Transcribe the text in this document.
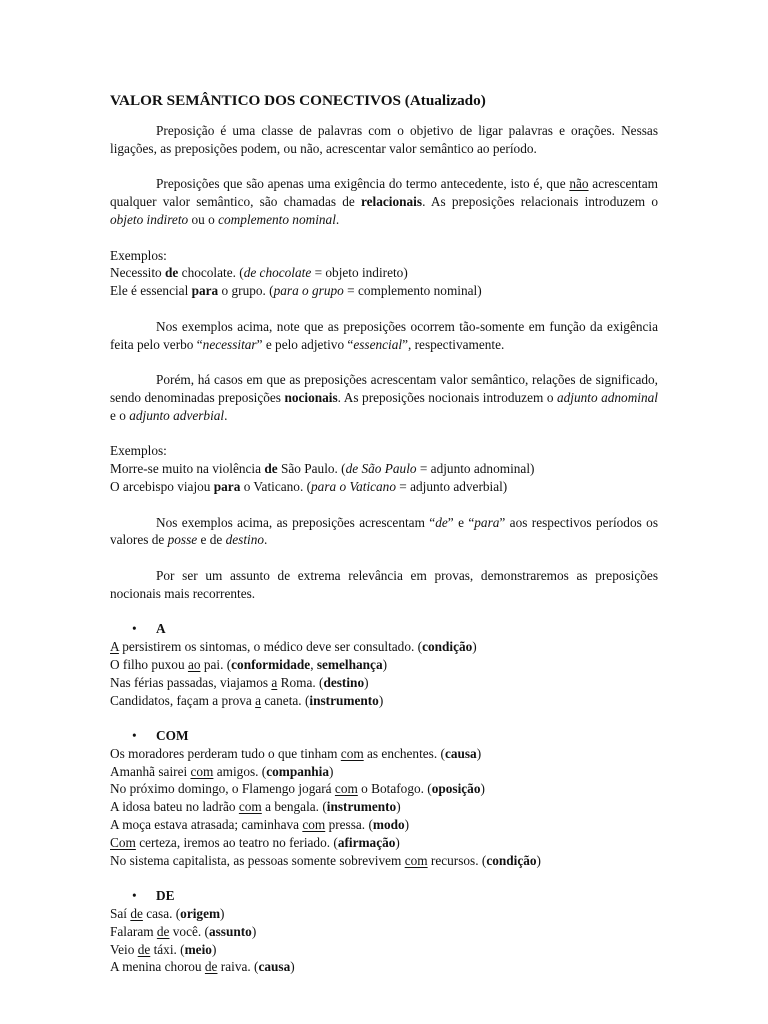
VALOR SEMÂNTICO DOS CONECTIVOS (Atualizado)
Preposição é uma classe de palavras com o objetivo de ligar palavras e orações. Nessas ligações, as preposições podem, ou não, acrescentar valor semântico ao período.
Preposições que são apenas uma exigência do termo antecedente, isto é, que não acrescentam qualquer valor semântico, são chamadas de relacionais. As preposições relacionais introduzem o objeto indireto ou o complemento nominal.
Exemplos:
Necessito de chocolate. (de chocolate = objeto indireto)
Ele é essencial para o grupo. (para o grupo = complemento nominal)
Nos exemplos acima, note que as preposições ocorrem tão-somente em função da exigência feita pelo verbo “necessitar” e pelo adjetivo “essencial”, respectivamente.
Porém, há casos em que as preposições acrescentam valor semântico, relações de significado, sendo denominadas preposições nocionais. As preposições nocionais introduzem o adjunto adnominal e o adjunto adverbial.
Exemplos:
Morre-se muito na violência de São Paulo. (de São Paulo = adjunto adnominal)
O arcebispo viajou para o Vaticano. (para o Vaticano = adjunto adverbial)
Nos exemplos acima, as preposições acrescentam “de” e “para” aos respectivos períodos os valores de posse e de destino.
Por ser um assunto de extrema relevância em provas, demonstraremos as preposições nocionais mais recorrentes.
• A
A persistirem os sintomas, o médico deve ser consultado. (condição)
O filho puxou ao pai. (conformidade, semelhança)
Nas férias passadas, viajamos a Roma. (destino)
Candidatos, façam a prova a caneta. (instrumento)
• COM
Os moradores perderam tudo o que tinham com as enchentes. (causa)
Amanhã sairei com amigos. (companhia)
No próximo domingo, o Flamengo jogará com o Botafogo. (oposição)
A idosa bateu no ladrão com a bengala. (instrumento)
A moça estava atrasada; caminhava com pressa. (modo)
Com certeza, iremos ao teatro no feriado. (afirmação)
No sistema capitalista, as pessoas somente sobrevivem com recursos. (condição)
• DE
Saí de casa. (origem)
Falaram de você. (assunto)
Veio de táxi. (meio)
A menina chorou de raiva. (causa)
